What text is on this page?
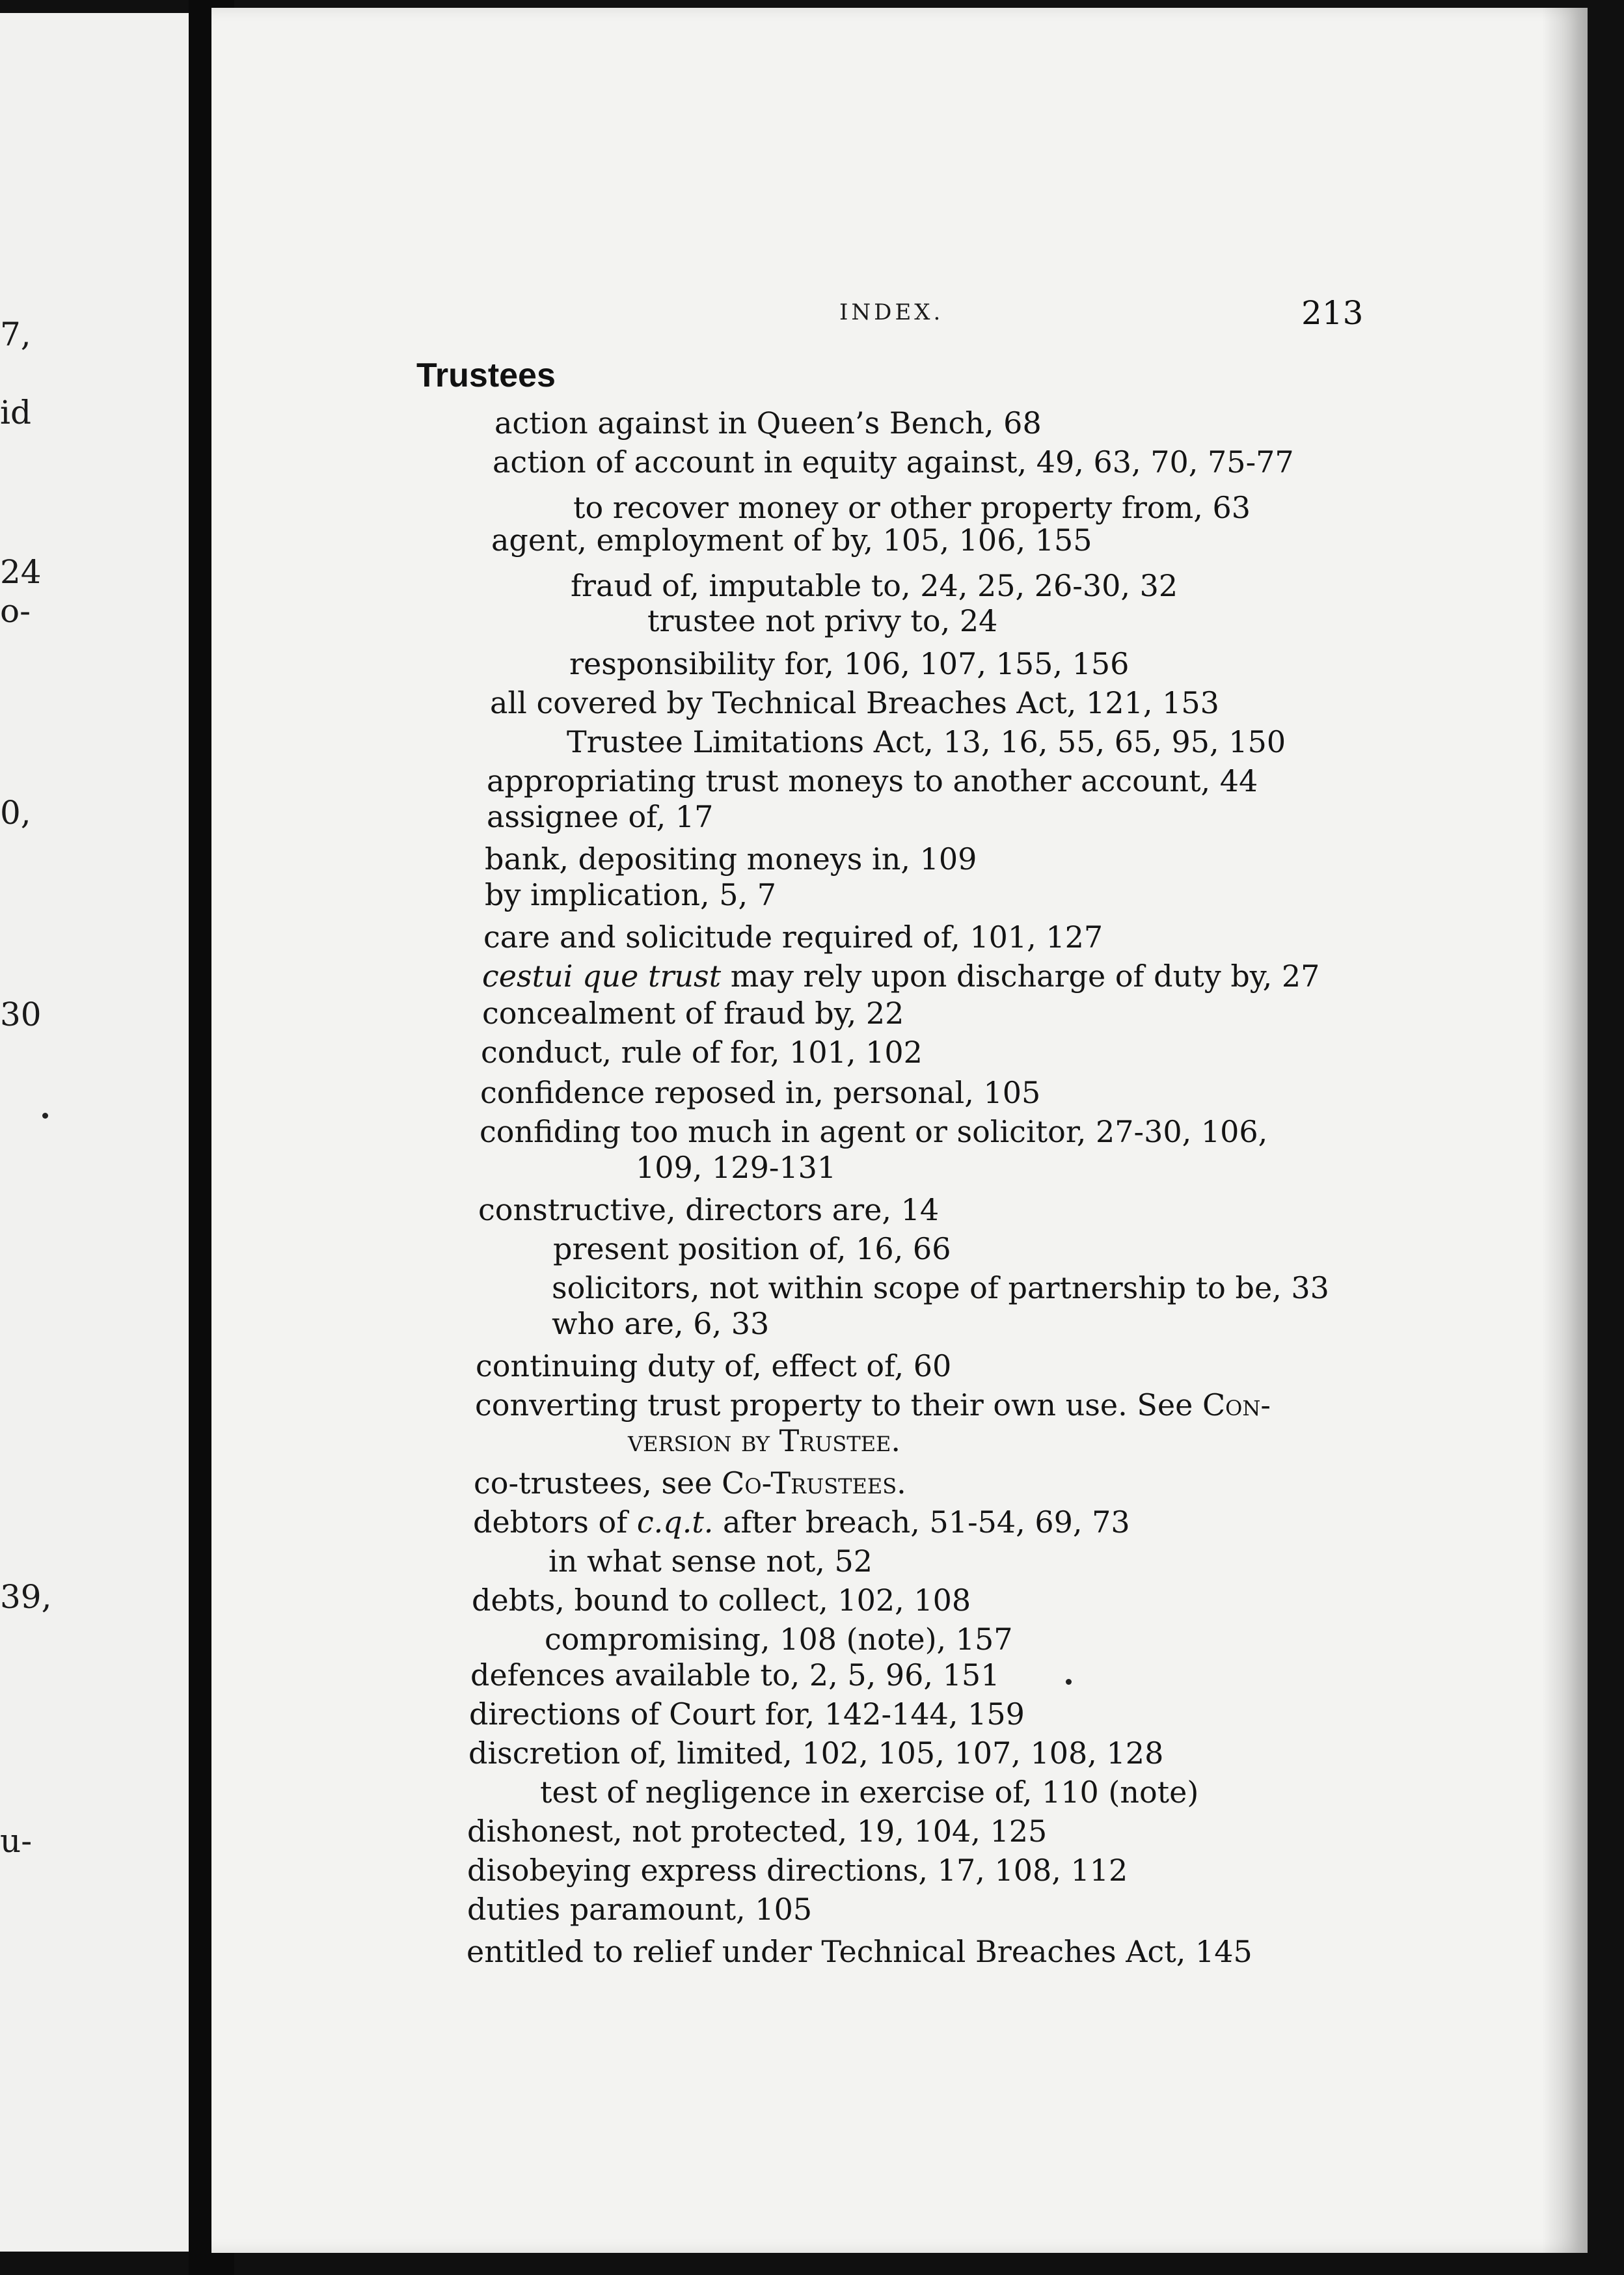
7,
id
24
o-
0,
30
39,
u-
INDEX.	213
Trustees
action against in Queen’s Bench, 68
action of account in equity against, 49, 63, 70, 75-77
to recover money or other property from, 63
agent, employment of by, 105, 106, 155
fraud of, imputable to, 24, 25, 26-30, 32
trustee not privy to, 24
responsibility for, 106, 107, 155, 156
all covered by Technical Breaches Act, 121, 153
Trustee Limitations Act, 13, 16, 55, 65, 95, 150
appropriating trust moneys to another account, 44
assignee of, 17
bank, depositing moneys in, 109
by implication, 5, 7
care and solicitude required of, 101, 127
cestui que trust may rely upon discharge of duty by, 27
concealment of fraud by, 22
conduct, rule of for, 101, 102
confidence reposed in, personal, 105
confiding too much in agent or solicitor, 27-30, 106,
109, 129-131
constructive, directors are, 14
present position of, 16, 66
solicitors, not within scope of partnership to be, 33
who are, 6, 33
continuing duty of, effect of, 60
converting trust property to their own use. See Con-
version by Trustee.
co-trustees, see Co-Trustees.
debtors of c.q.t. after breach, 51-54, 69, 73
in what sense not, 52
debts, bound to collect, 102, 108
compromising, 108 (note), 157
defences available to, 2, 5, 96, 151
directions of Court for, 142-144, 159
discretion of, limited, 102, 105, 107, 108, 128
test of negligence in exercise of, 110 (note)
dishonest, not protected, 19, 104, 125
disobeying express directions, 17, 108, 112
duties paramount, 105
entitled to relief under Technical Breaches Act, 145
